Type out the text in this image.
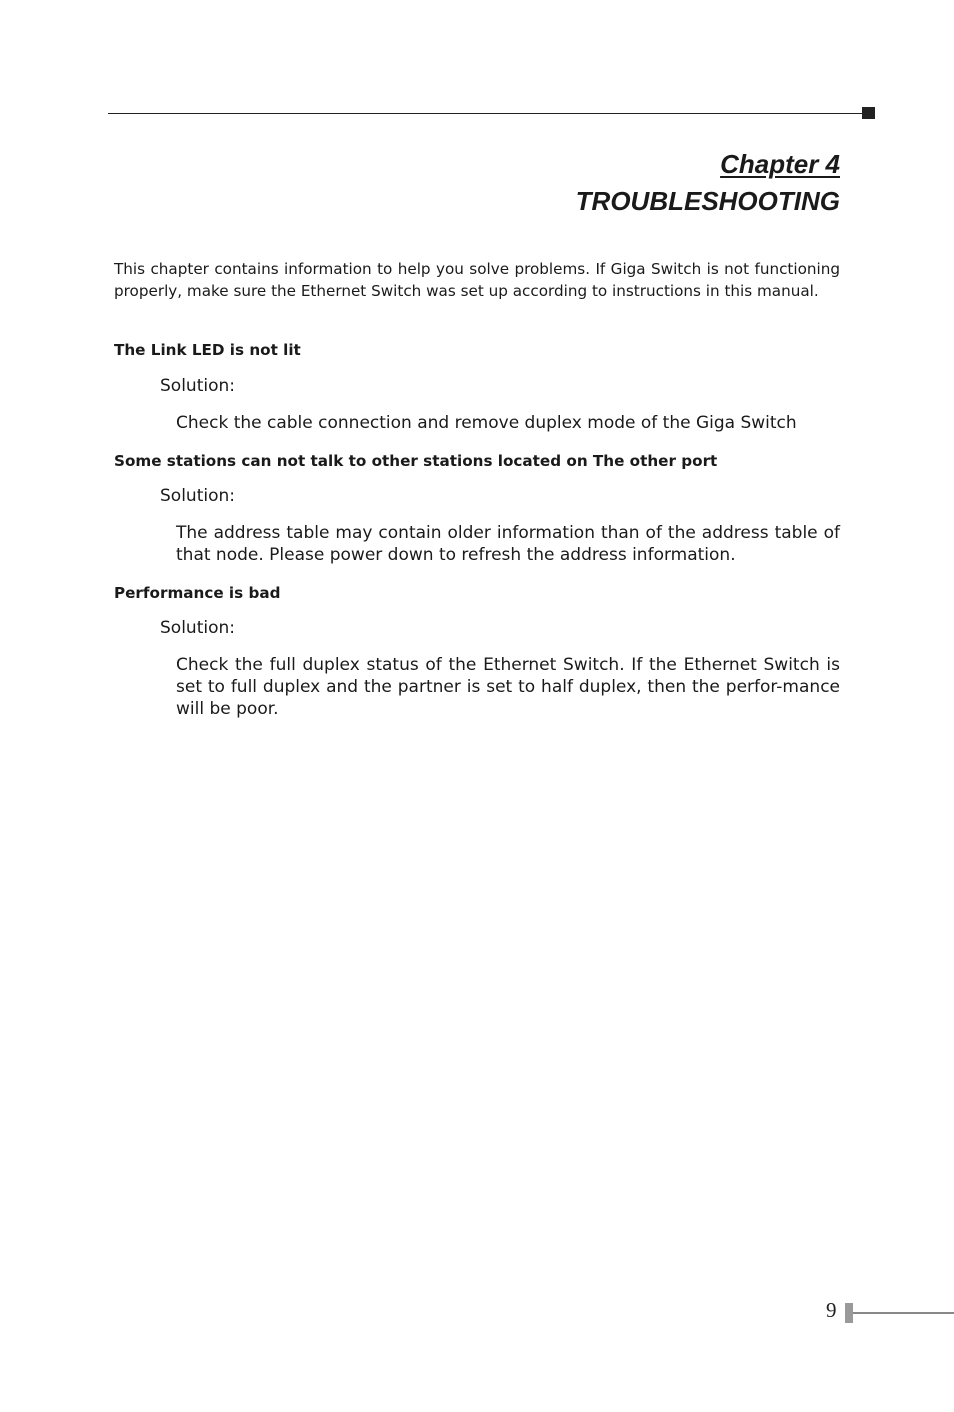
Chapter 4
TROUBLESHOOTING
This chapter contains information to help you solve problems. If Giga Switch is not functioning properly, make sure the Ethernet Switch was set up according to instructions in this manual.
The Link LED is not lit
Solution:
Check the cable connection and remove duplex mode of the Giga Switch
Some stations can not talk to other stations located on The other port
Solution:
The address table may contain older information than of the address table of that node. Please power down to refresh the address information.
Performance is bad
Solution:
Check the full duplex status of the Ethernet Switch. If the Ethernet Switch is set to full duplex and the partner is set to half duplex, then the perfor-mance will be poor.
9
